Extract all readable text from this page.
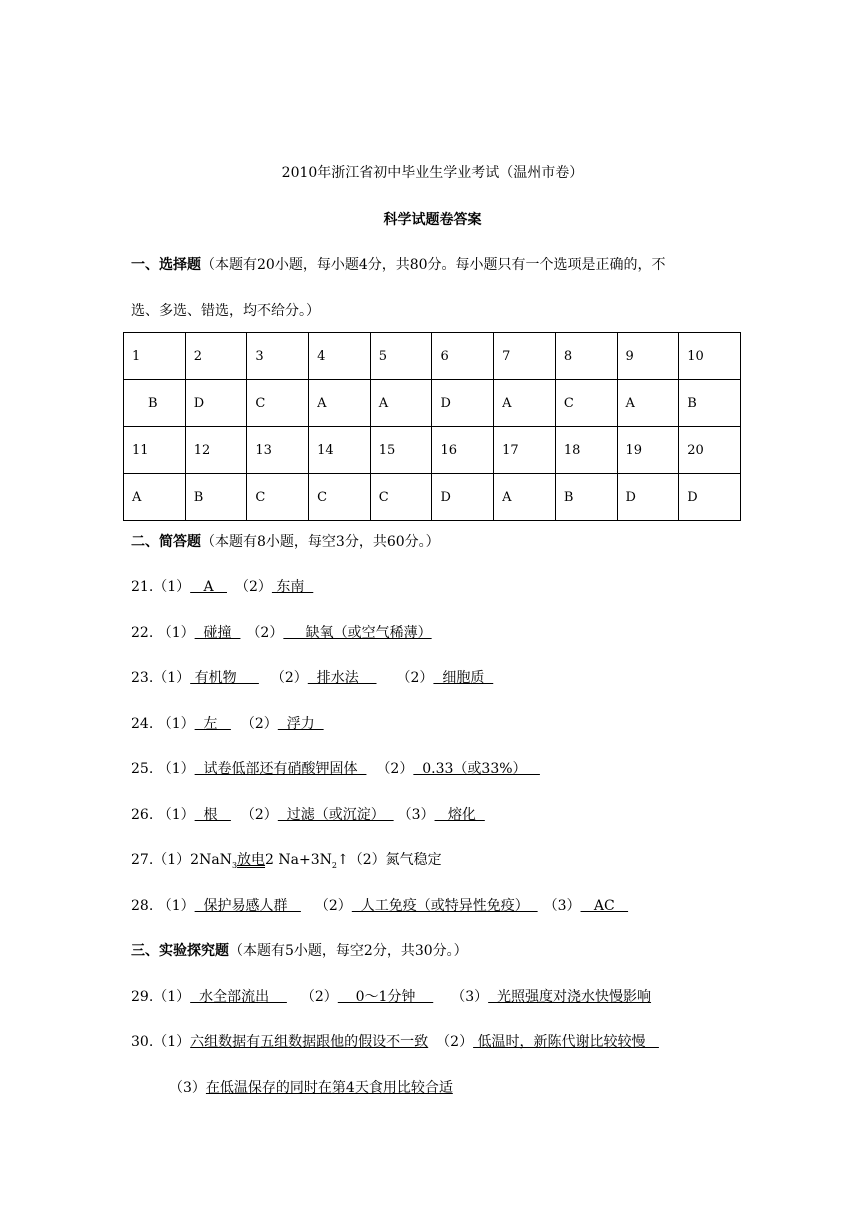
2010年浙江省初中毕业生学业考试（温州市卷）
科学试题卷答案
一、选择题（本题有20小题，每小题4分，共80分。每小题只有一个选项是正确的，不
选、多选、错选，均不给分。）
1	2	3	4	5	6	7	8	9	10
B	D	C	A	A	D	A	C	A	B
11	12	13	14	15	16	17	18	19	20
A	B	C	C	C	D	A	B	D	D
二、简答题（本题有8小题，每空3分，共60分。）
21.（1）   A   （2） 东南
22. （1）  碰撞  （2）     缺氧（或空气稀薄）
23.（1） 有机物     （2）  排水法    （2）  细胞质
24. （1）  左   （2）  浮力
25. （1）  试卷低部还有硝酸钾固体  （2）  0.33（或33%）
26. （1）  根   （2）  过滤（或沉淀）  （3）   熔化
27.（1）2NaN$_3$放电2 $Na+3N_2↑(2)$氮气稳定
28. （1）  保护易感人群   （2）  人工免疫（或特异性免疫）  （3）   AC
三、实验探究题（本题有5小题，每空2分，共30分。）
29.（1）  水全部流出    （2）    0～1分钟    （3）  光照强度对浇水快慢影响
30.（1）六组数据有五组数据跟他的假设不一致 （2） 低温时，新陈代谢比较较慢
（3）在低温保存的同时在第4天食用比较合适
